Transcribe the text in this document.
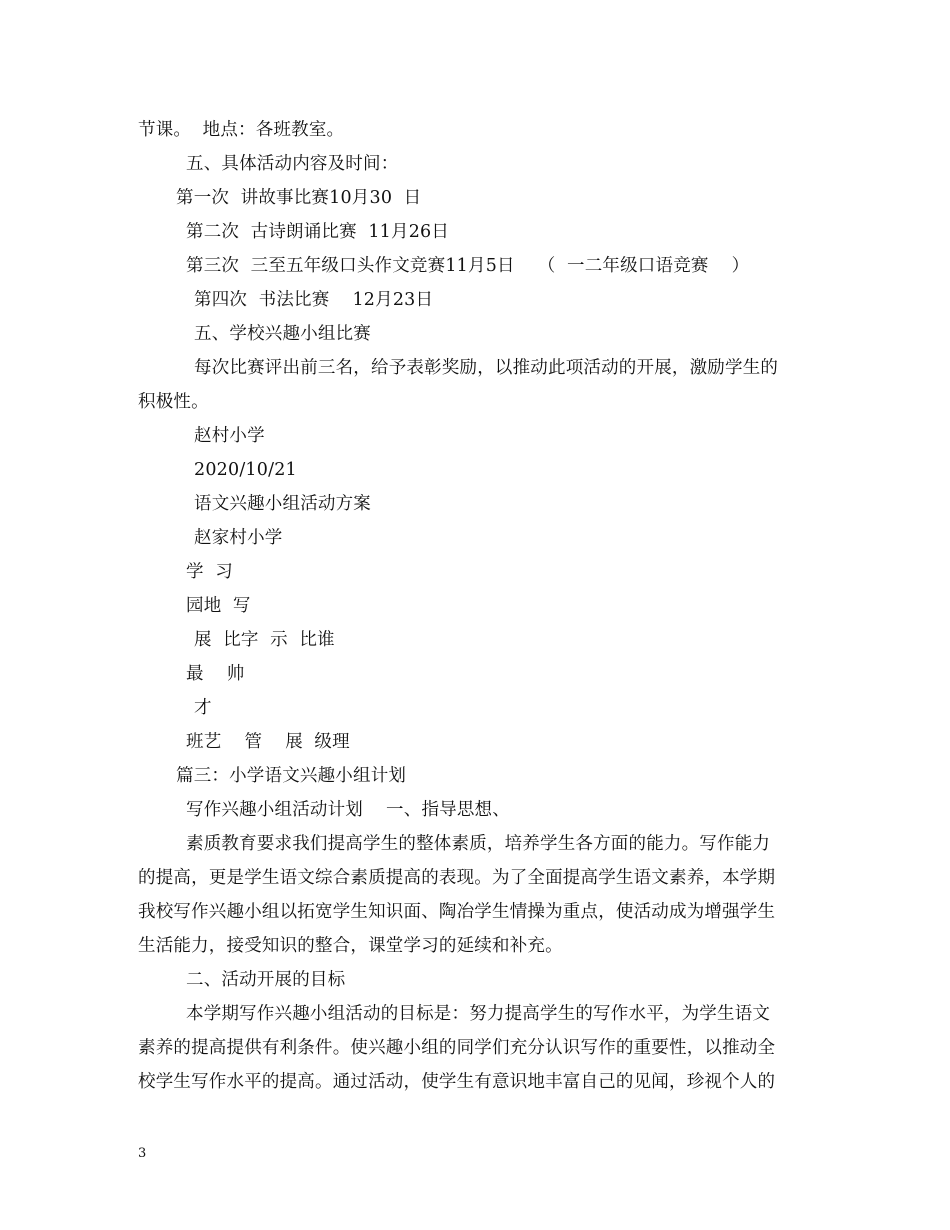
节课。  地点：各班教室。
五、具体活动内容及时间：
第一次  讲故事比赛10月30  日
第二次  古诗朗诵比赛  11月26日
第三次  三至五年级口头作文竞赛11月5日    （  一二年级口语竞赛    ）
第四次  书法比赛    12月23日
五、学校兴趣小组比赛
每次比赛评出前三名，给予表彰奖励，以推动此项活动的开展，激励学生的
积极性。
赵村小学
2020/10/21
语文兴趣小组活动方案
赵家村小学
学  习
园地  写
展  比字  示  比谁
最    帅
才
班艺    管    展  级理
篇三：小学语文兴趣小组计划
写作兴趣小组活动计划    一、指导思想、
素质教育要求我们提高学生的整体素质，培养学生各方面的能力。写作能力
的提高，更是学生语文综合素质提高的表现。为了全面提高学生语文素养，本学期
我校写作兴趣小组以拓宽学生知识面、陶冶学生情操为重点，使活动成为增强学生
生活能力，接受知识的整合，课堂学习的延续和补充。
二、活动开展的目标
本学期写作兴趣小组活动的目标是：努力提高学生的写作水平，为学生语文
素养的提高提供有利条件。使兴趣小组的同学们充分认识写作的重要性，以推动全
校学生写作水平的提高。通过活动，使学生有意识地丰富自己的见闻，珍视个人的
3
